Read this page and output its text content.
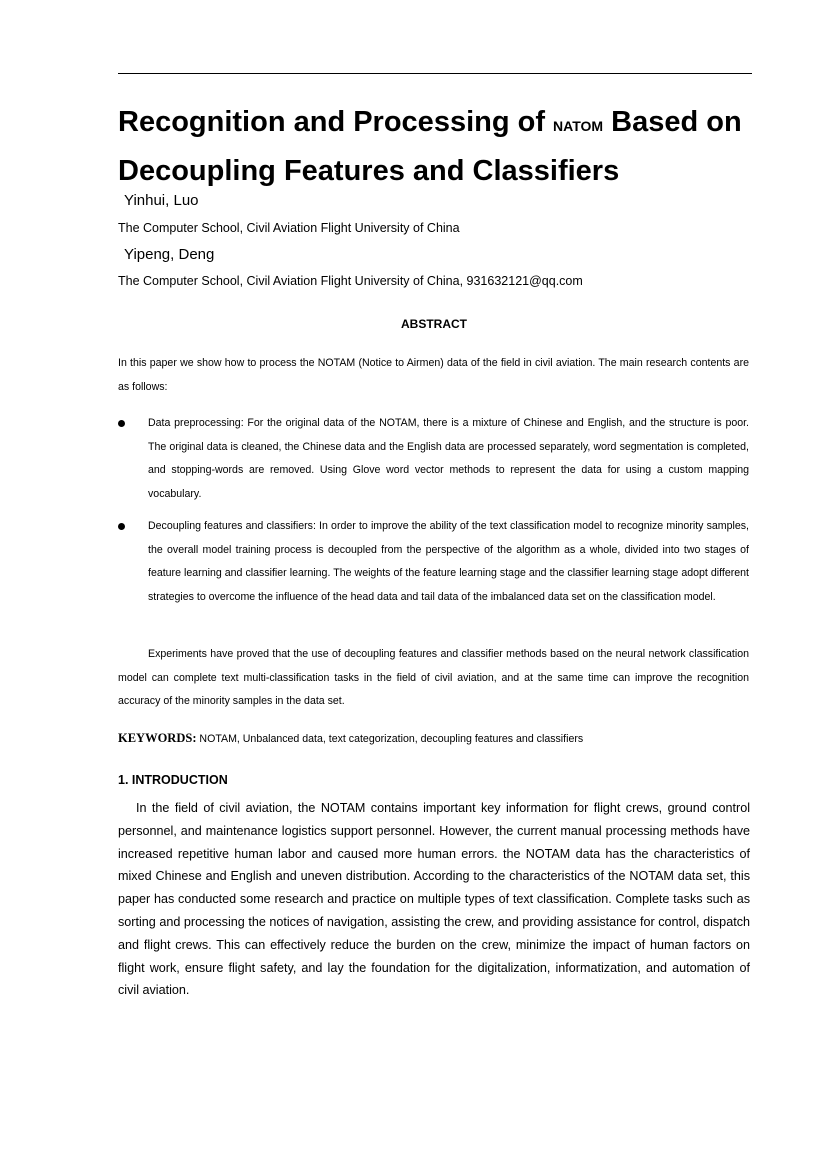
Recognition and Processing of NATOM Based on Decoupling Features and Classifiers
Yinhui, Luo
The Computer School, Civil Aviation Flight University of China
Yipeng, Deng
The Computer School, Civil Aviation Flight University of China, 931632121@qq.com
ABSTRACT
In this paper we show how to process the NOTAM (Notice to Airmen) data of the field in civil aviation. The main research contents are as follows:
Data preprocessing: For the original data of the NOTAM, there is a mixture of Chinese and English, and the structure is poor. The original data is cleaned, the Chinese data and the English data are processed separately, word segmentation is completed, and stopping-words are removed. Using Glove word vector methods to represent the data for using a custom mapping vocabulary.
Decoupling features and classifiers: In order to improve the ability of the text classification model to recognize minority samples, the overall model training process is decoupled from the perspective of the algorithm as a whole, divided into two stages of feature learning and classifier learning. The weights of the feature learning stage and the classifier learning stage adopt different strategies to overcome the influence of the head data and tail data of the imbalanced data set on the classification model.
Experiments have proved that the use of decoupling features and classifier methods based on the neural network classification model can complete text multi-classification tasks in the field of civil aviation, and at the same time can improve the recognition accuracy of the minority samples in the data set.
KEYWORDS: NOTAM, Unbalanced data, text categorization, decoupling features and classifiers
1. INTRODUCTION
In the field of civil aviation, the NOTAM contains important key information for flight crews, ground control personnel, and maintenance logistics support personnel. However, the current manual processing methods have increased repetitive human labor and caused more human errors. the NOTAM data has the characteristics of mixed Chinese and English and uneven distribution. According to the characteristics of the NOTAM data set, this paper has conducted some research and practice on multiple types of text classification. Complete tasks such as sorting and processing the notices of navigation, assisting the crew, and providing assistance for control, dispatch and flight crews. This can effectively reduce the burden on the crew, minimize the impact of human factors on flight work, ensure flight safety, and lay the foundation for the digitalization, informatization, and automation of civil aviation.
